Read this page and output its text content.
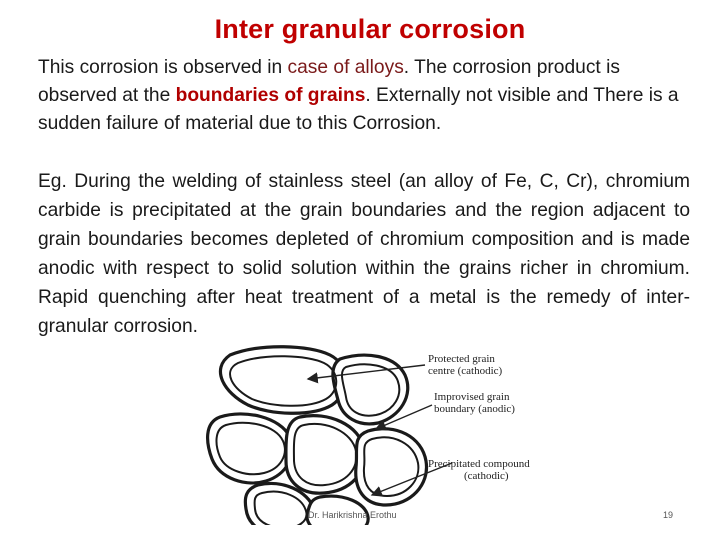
Inter granular corrosion

This corrosion is observed in case of alloys. The corrosion product is observed at the boundaries of grains. Externally not visible and There is a sudden failure of material due to this Corrosion.

Eg. During the welding of stainless steel (an alloy of Fe, C, Cr), chromium carbide is precipitated at the grain boundaries and the region adjacent to grain boundaries becomes depleted of chromium composition and is made anodic with respect to solid solution within the grains richer in chromium. Rapid quenching after heat treatment of a metal is the remedy of inter-granular corrosion.

Protected grain
centre (cathodic)
Improvised grain
boundary (anodic)
Precipitated compound
(cathodic)
Dr. Harikrishna Erothu	19
